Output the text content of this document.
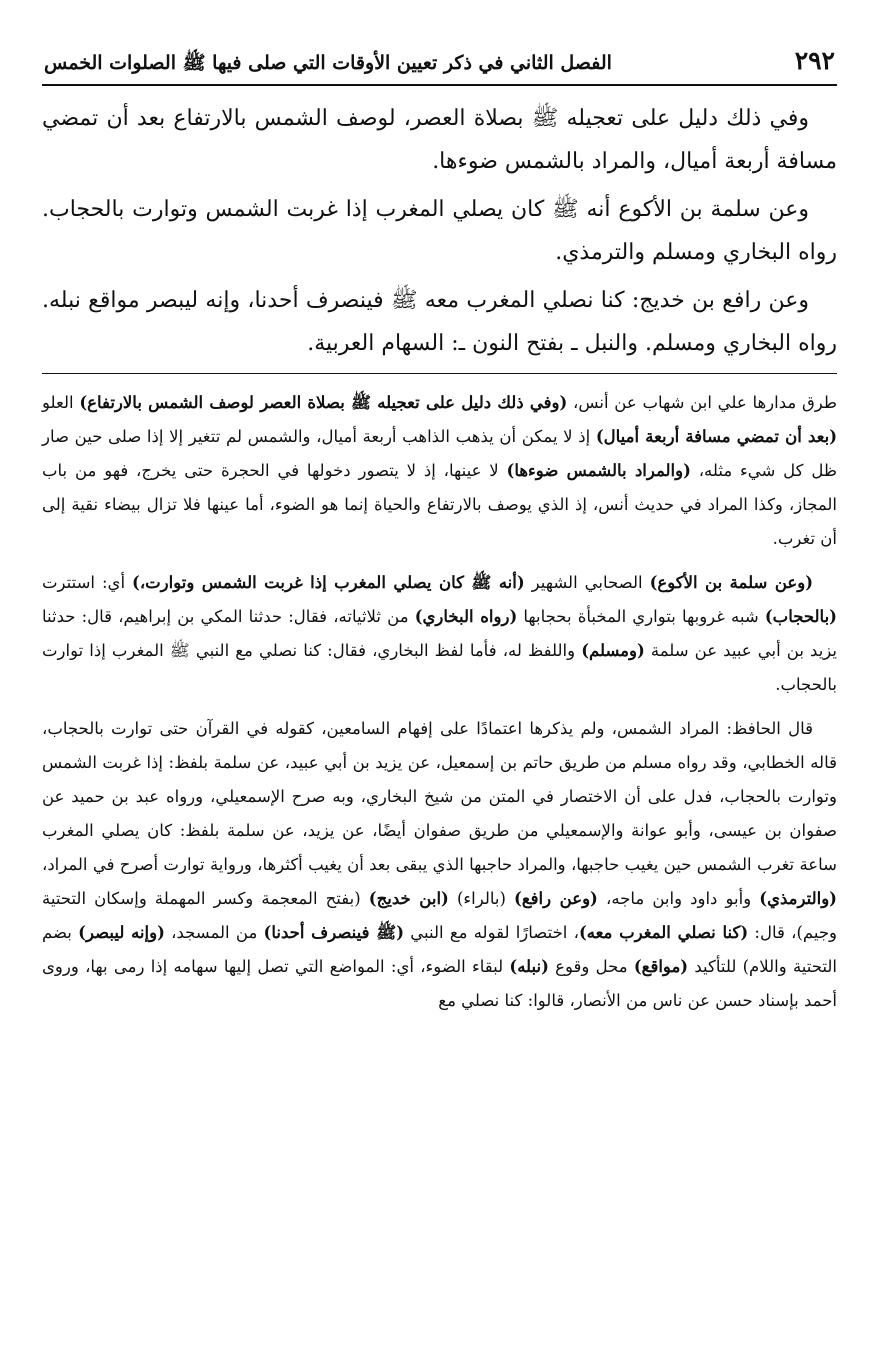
٢٩٢
الفصل الثاني في ذكر تعيين الأوقات التي صلى فيها ﷺ الصلوات الخمس

وفي ذلك دليل على تعجيله ﷺ بصلاة العصر، لوصف الشمس بالارتفاع بعد أن تمضي مسافة أربعة أميال، والمراد بالشمس ضوءها.

وعن سلمة بن الأكوع أنه ﷺ كان يصلي المغرب إذا غربت الشمس وتوارت بالحجاب. رواه البخاري ومسلم والترمذي.

وعن رافع بن خديج: كنا نصلي المغرب معه ﷺ فينصرف أحدنا، وإنه ليبصر مواقع نبله. رواه البخاري ومسلم. والنبل ـ بفتح النون ـ: السهام العربية.

طرق مدارها علي ابن شهاب عن أنس، (وفي ذلك دليل على تعجيله ﷺ بصلاة العصر لوصف الشمس بالارتفاع) العلو (بعد أن تمضي مسافة أربعة أميال) إذ لا يمكن أن يذهب الذاهب أربعة أميال، والشمس لم تتغير إلا إذا صلى حين صار ظل كل شيء مثله، (والمراد بالشمس ضوءها) لا عينها، إذ لا يتصور دخولها في الحجرة حتى يخرج، فهو من باب المجاز، وكذا المراد في حديث أنس، إذ الذي يوصف بالارتفاع والحياة إنما هو الضوء، أما عينها فلا تزال بيضاء نقية إلى أن تغرب.

(وعن سلمة بن الأكوع) الصحابي الشهير (أنه ﷺ كان يصلي المغرب إذا غربت الشمس وتوارت،) أي: استترت (بالحجاب) شبه غروبها بتواري المخبأة بحجابها (رواه البخاري) من ثلاثياته، فقال: حدثنا المكي بن إبراهيم، قال: حدثنا يزيد بن أبي عبيد عن سلمة (ومسلم) واللفظ له، فأما لفظ البخاري، فقال: كنا نصلي مع النبي ﷺ المغرب إذا توارت بالحجاب.

قال الحافظ: المراد الشمس، ولم يذكرها اعتمادًا على إفهام السامعين، كقوله في القرآن حتى توارت بالحجاب، قاله الخطابي، وقد رواه مسلم من طريق حاتم بن إسمعيل، عن يزيد بن أبي عبيد، عن سلمة بلفظ: إذا غربت الشمس وتوارت بالحجاب، فدل على أن الاختصار في المتن من شيخ البخاري، وبه صرح الإسمعيلي، ورواه عبد بن حميد عن صفوان بن عيسى، وأبو عوانة والإسمعيلي من طريق صفوان أيضًا، عن يزيد، عن سلمة بلفظ: كان يصلي المغرب ساعة تغرب الشمس حين يغيب حاجبها، والمراد حاجبها الذي يبقى بعد أن يغيب أكثرها، ورواية توارت أصرح في المراد، (والترمذي) وأبو داود وابن ماجه، (وعن رافع) (بالراء) (ابن خديج) (بفتح المعجمة وكسر المهملة وإسكان التحتية وجيم)، قال: (كنا نصلي المغرب معه)، اختصارًا لقوله مع النبي (ﷺ فينصرف أحدنا) من المسجد، (وإنه ليبصر) بضم التحتية واللام) للتأكيد (مواقع) محل وقوع (نبله) لبقاء الضوء، أي: المواضع التي تصل إليها سهامه إذا رمى بها، وروى أحمد بإسناد حسن عن ناس من الأنصار، قالوا: كنا نصلي مع
